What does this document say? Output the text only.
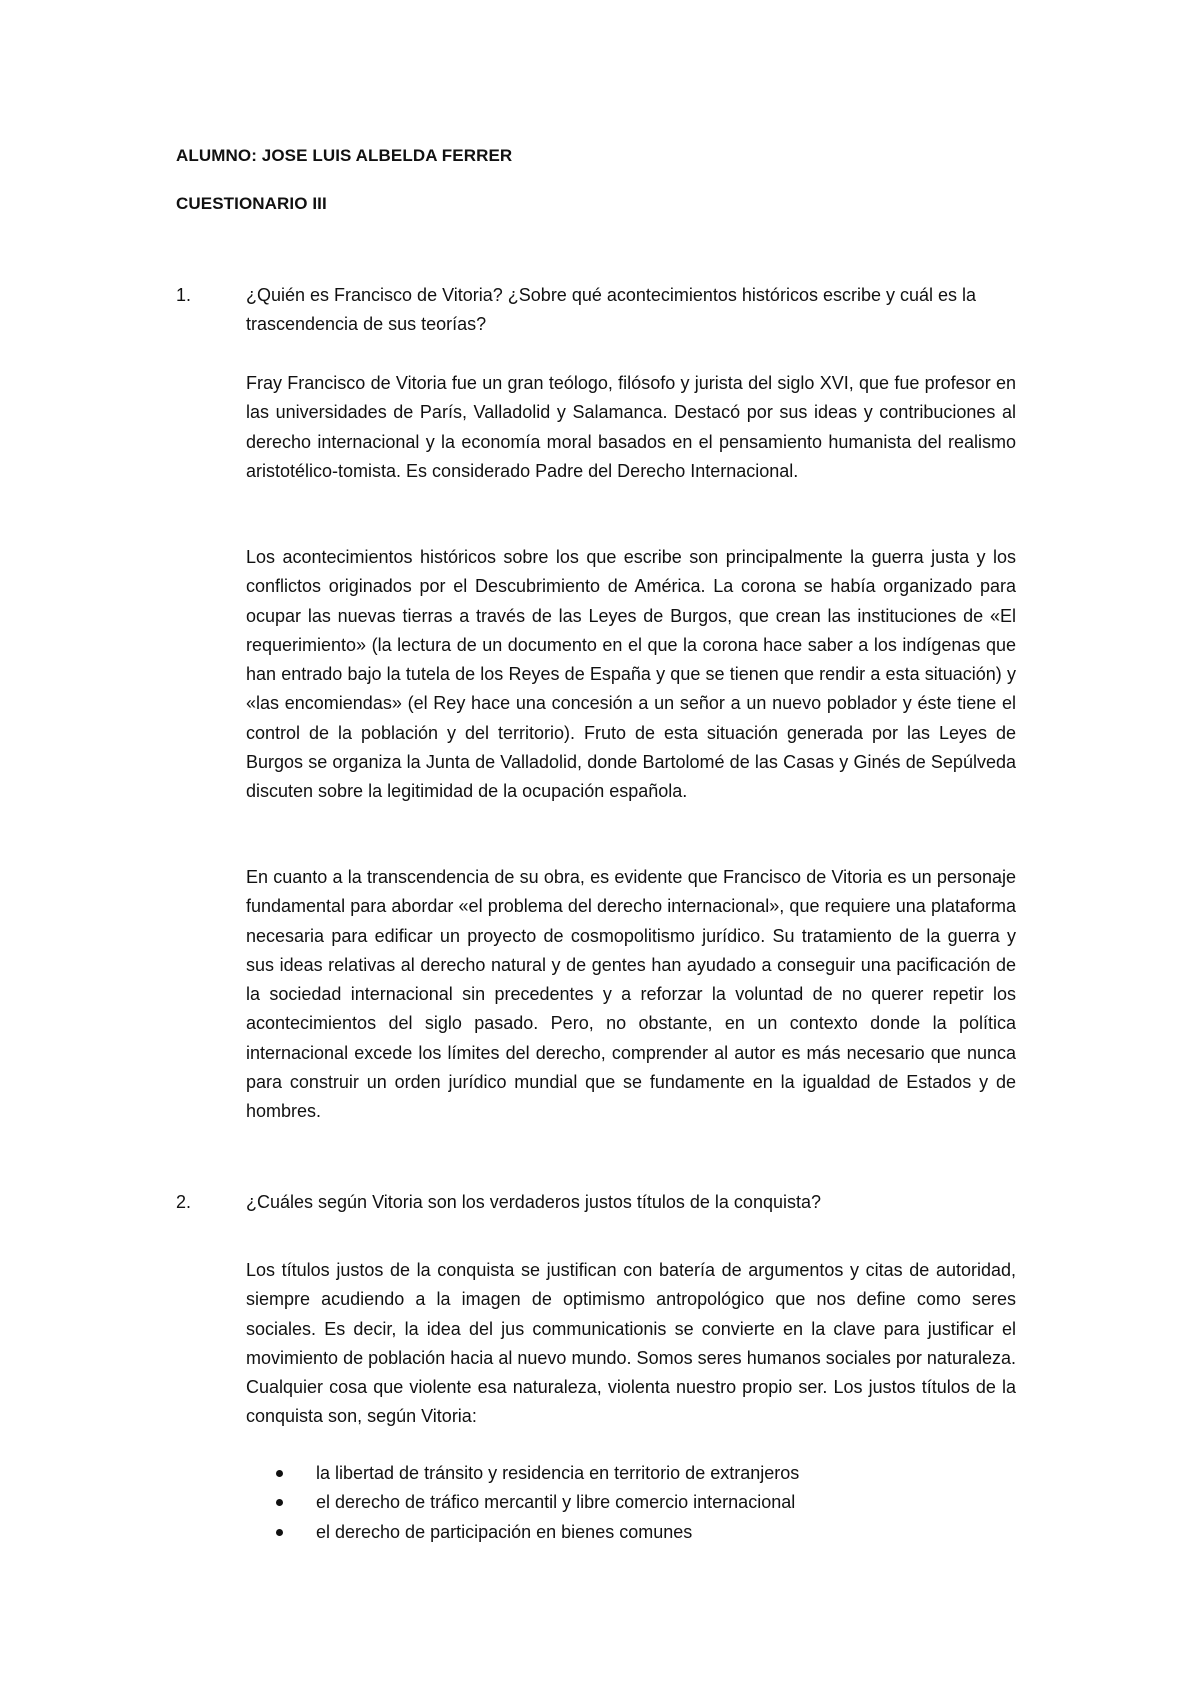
ALUMNO: JOSE LUIS ALBELDA FERRER
CUESTIONARIO III
1.	¿Quién es Francisco de Vitoria? ¿Sobre qué acontecimientos históricos escribe y cuál es la trascendencia de sus teorías?

Fray Francisco de Vitoria fue un gran teólogo, filósofo y jurista del siglo XVI, que fue profesor en las universidades de París, Valladolid y Salamanca. Destacó por sus ideas y contribuciones al derecho internacional y la economía moral basados en el pensamiento humanista del realismo aristotélico-tomista. Es considerado Padre del Derecho Internacional.

Los acontecimientos históricos sobre los que escribe son principalmente la guerra justa y los conflictos originados por el Descubrimiento de América. La corona se había organizado para ocupar las nuevas tierras a través de las Leyes de Burgos, que crean las instituciones de «El requerimiento» (la lectura de un documento en el que la corona hace saber a los indígenas que han entrado bajo la tutela de los Reyes de España y que se tienen que rendir a esta situación) y «las encomiendas» (el Rey hace una concesión a un señor a un nuevo poblador y éste tiene el control de la población y del territorio). Fruto de esta situación generada por las Leyes de Burgos se organiza la Junta de Valladolid, donde Bartolomé de las Casas y Ginés de Sepúlveda discuten sobre la legitimidad de la ocupación española.

En cuanto a la transcendencia de su obra, es evidente que Francisco de Vitoria es un personaje fundamental para abordar «el problema del derecho internacional», que requiere una plataforma necesaria para edificar un proyecto de cosmopolitismo jurídico. Su tratamiento de la guerra y sus ideas relativas al derecho natural y de gentes han ayudado a conseguir una pacificación de la sociedad internacional sin precedentes y a reforzar la voluntad de no querer repetir los acontecimientos del siglo pasado. Pero, no obstante, en un contexto donde la política internacional excede los límites del derecho, comprender al autor es más necesario que nunca para construir un orden jurídico mundial que se fundamente en la igualdad de Estados y de hombres.

2.	¿Cuáles según Vitoria son los verdaderos justos títulos de la conquista?

Los títulos justos de la conquista se justifican con batería de argumentos y citas de autoridad, siempre acudiendo a la imagen de optimismo antropológico que nos define como seres sociales. Es decir, la idea del jus communicationis se convierte en la clave para justificar el movimiento de población hacia al nuevo mundo. Somos seres humanos sociales por naturaleza. Cualquier cosa que violente esa naturaleza, violenta nuestro propio ser. Los justos títulos de la conquista son, según Vitoria:

la libertad de tránsito y residencia en territorio de extranjeros
el derecho de tráfico mercantil y libre comercio internacional
el derecho de participación en bienes comunes
